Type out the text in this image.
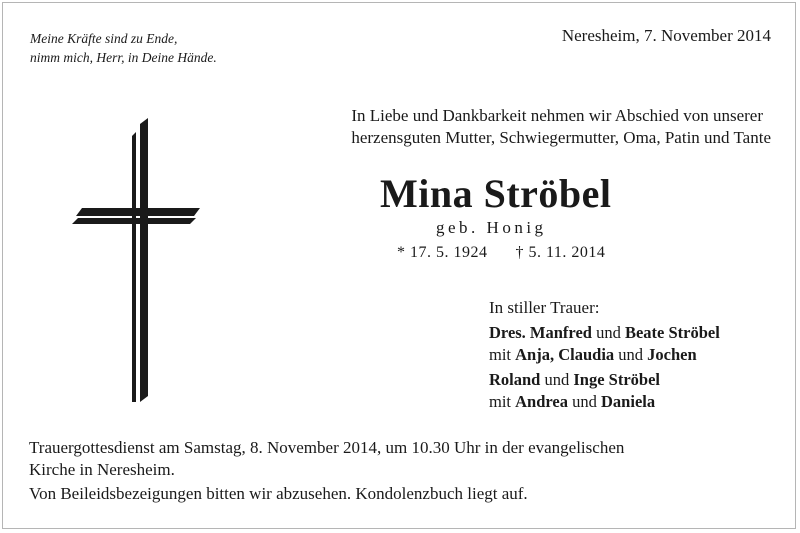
Meine Kräfte sind zu Ende,
nimm mich, Herr, in Deine Hände.
Neresheim, 7. November 2014
In Liebe und Dankbarkeit nehmen wir Abschied von unserer
herzensguten Mutter, Schwiegermutter, Oma, Patin und Tante
Mina Ströbel
geb. Honig
* 17. 5. 1924 † 5. 11. 2014
In stiller Trauer:
Dres. Manfred und Beate Ströbel
mit Anja, Claudia und Jochen
Roland und Inge Ströbel
mit Andrea und Daniela
Trauergottesdienst am Samstag, 8. November 2014, um 10.30 Uhr in der evangelischen
Kirche in Neresheim.
Von Beileidsbezeigungen bitten wir abzusehen. Kondolenzbuch liegt auf.
